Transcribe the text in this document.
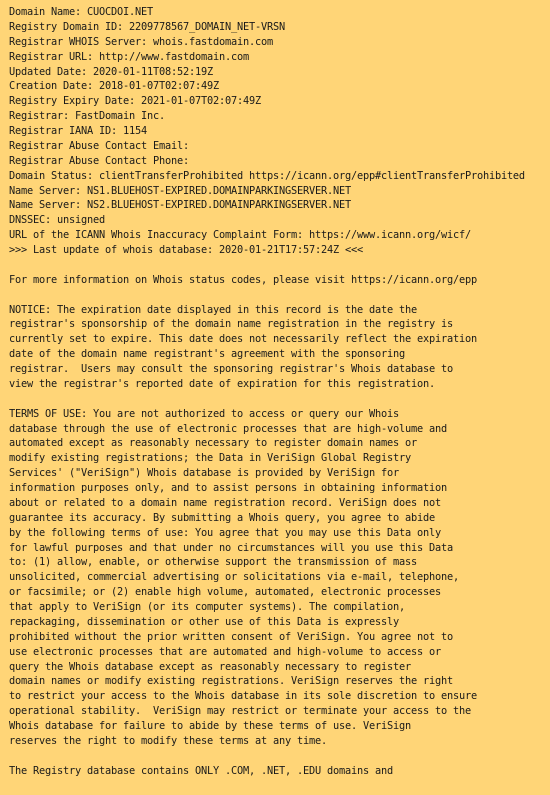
Domain Name: CUOCDOI.NET
Registry Domain ID: 2209778567_DOMAIN_NET-VRSN
Registrar WHOIS Server: whois.fastdomain.com
Registrar URL: http://www.fastdomain.com
Updated Date: 2020-01-11T08:52:19Z
Creation Date: 2018-01-07T02:07:49Z
Registry Expiry Date: 2021-01-07T02:07:49Z
Registrar: FastDomain Inc.
Registrar IANA ID: 1154
Registrar Abuse Contact Email:
Registrar Abuse Contact Phone:
Domain Status: clientTransferProhibited https://icann.org/epp#clientTransferProhibited
Name Server: NS1.BLUEHOST-EXPIRED.DOMAINPARKINGSERVER.NET
Name Server: NS2.BLUEHOST-EXPIRED.DOMAINPARKINGSERVER.NET
DNSSEC: unsigned
URL of the ICANN Whois Inaccuracy Complaint Form: https://www.icann.org/wicf/
>>> Last update of whois database: 2020-01-21T17:57:24Z <<<
For more information on Whois status codes, please visit https://icann.org/epp
NOTICE: The expiration date displayed in this record is the date the
registrar's sponsorship of the domain name registration in the registry is
currently set to expire. This date does not necessarily reflect the expiration
date of the domain name registrant's agreement with the sponsoring
registrar.  Users may consult the sponsoring registrar's Whois database to
view the registrar's reported date of expiration for this registration.
TERMS OF USE: You are not authorized to access or query our Whois
database through the use of electronic processes that are high-volume and
automated except as reasonably necessary to register domain names or
modify existing registrations; the Data in VeriSign Global Registry
Services' ("VeriSign") Whois database is provided by VeriSign for
information purposes only, and to assist persons in obtaining information
about or related to a domain name registration record. VeriSign does not
guarantee its accuracy. By submitting a Whois query, you agree to abide
by the following terms of use: You agree that you may use this Data only
for lawful purposes and that under no circumstances will you use this Data
to: (1) allow, enable, or otherwise support the transmission of mass
unsolicited, commercial advertising or solicitations via e-mail, telephone,
or facsimile; or (2) enable high volume, automated, electronic processes
that apply to VeriSign (or its computer systems). The compilation,
repackaging, dissemination or other use of this Data is expressly
prohibited without the prior written consent of VeriSign. You agree not to
use electronic processes that are automated and high-volume to access or
query the Whois database except as reasonably necessary to register
domain names or modify existing registrations. VeriSign reserves the right
to restrict your access to the Whois database in its sole discretion to ensure
operational stability.  VeriSign may restrict or terminate your access to the
Whois database for failure to abide by these terms of use. VeriSign
reserves the right to modify these terms at any time.
The Registry database contains ONLY .COM, .NET, .EDU domains and
